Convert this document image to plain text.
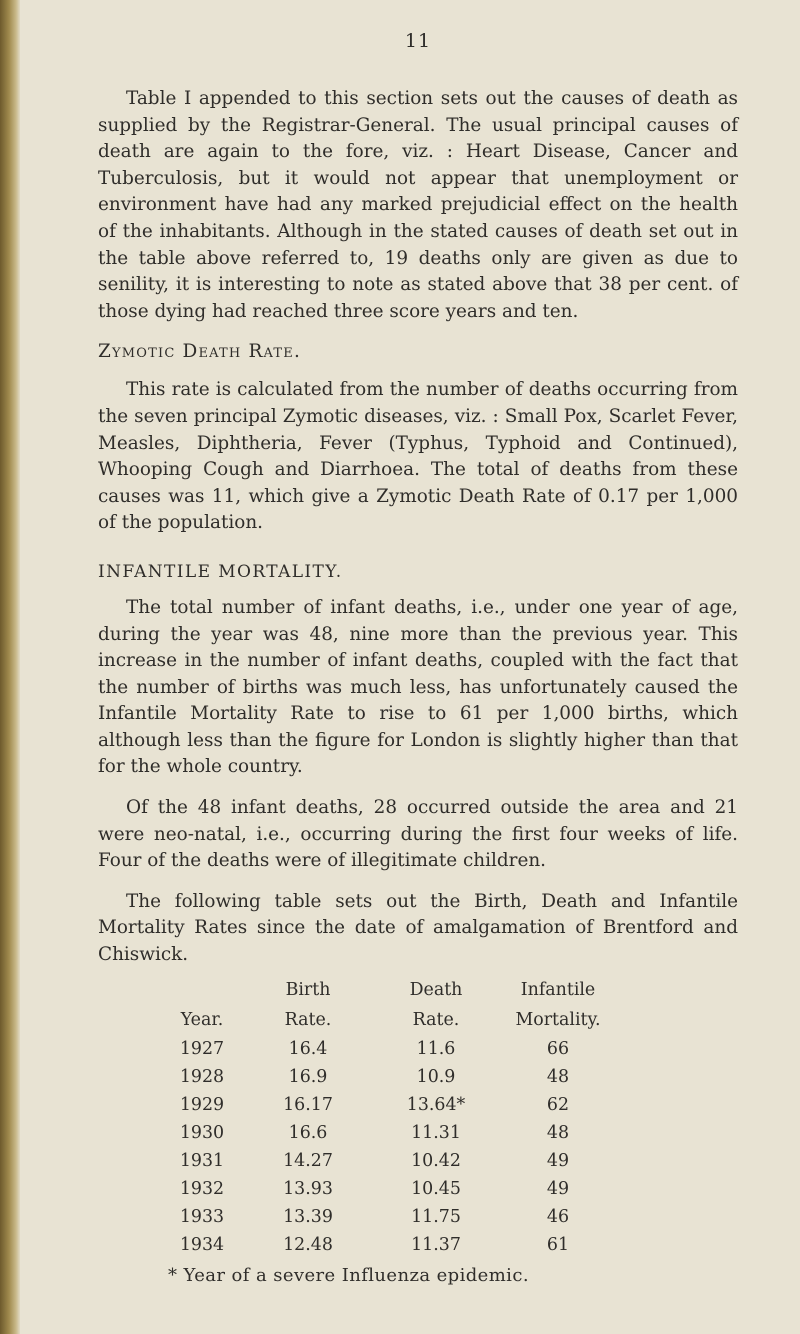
11

Table I appended to this section sets out the causes of death as supplied by the Registrar-General. The usual principal causes of death are again to the fore, viz. : Heart Disease, Cancer and Tuberculosis, but it would not appear that unemployment or environment have had any marked prejudicial effect on the health of the inhabitants. Although in the stated causes of death set out in the table above referred to, 19 deaths only are given as due to senility, it is interesting to note as stated above that 38 per cent. of those dying had reached three score years and ten.

Zymotic Death Rate.

This rate is calculated from the number of deaths occurring from the seven principal Zymotic diseases, viz. : Small Pox, Scarlet Fever, Measles, Diphtheria, Fever (Typhus, Typhoid and Continued), Whooping Cough and Diarrhoea. The total of deaths from these causes was 11, which give a Zymotic Death Rate of 0.17 per 1,000 of the population.

INFANTILE MORTALITY.

The total number of infant deaths, i.e., under one year of age, during the year was 48, nine more than the previous year. This increase in the number of infant deaths, coupled with the fact that the number of births was much less, has unfortunately caused the Infantile Mortality Rate to rise to 61 per 1,000 births, which although less than the figure for London is slightly higher than that for the whole country.

Of the 48 infant deaths, 28 occurred outside the area and 21 were neo-natal, i.e., occurring during the first four weeks of life. Four of the deaths were of illegitimate children.

The following table sets out the Birth, Death and Infantile Mortality Rates since the date of amalgamation of Brentford and Chiswick.

	Birth	Death	Infantile
Year.	Rate.	Rate.	Mortality.
1927	16.4	11.6	66
1928	16.9	10.9	48
1929	16.17	13.64*	62
1930	16.6	11.31	48
1931	14.27	10.42	49
1932	13.93	10.45	49
1933	13.39	11.75	46
1934	12.48	11.37	61
* Year of a severe Influenza epidemic.
